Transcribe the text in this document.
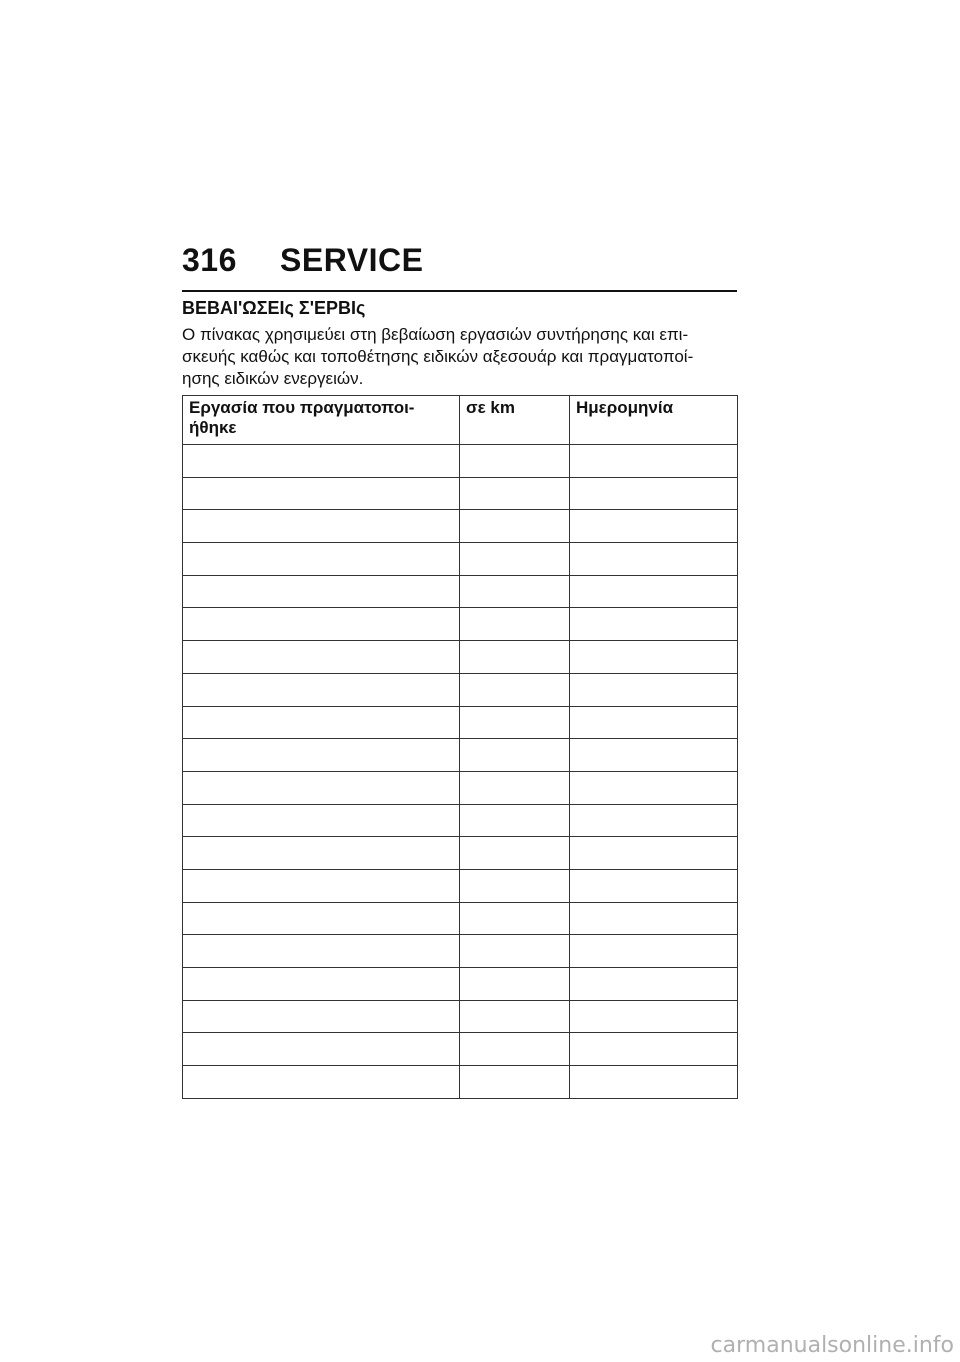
316 SERVICE
ΒΕΒΑΙ'ΩΣΕΙς Σ'ΕΡΒΙς
Ο πίνακας χρησιμεύει στη βεβαίωση εργασιών συντήρησης και επι-
σκευής καθώς και τοποθέτησης ειδικών αξεσουάρ και πραγματοποί-
ησης ειδικών ενεργειών.
Εργασία που πραγματοποι-ήθηκε	σε km	Ημερομηνία

carmanualsonline.info
